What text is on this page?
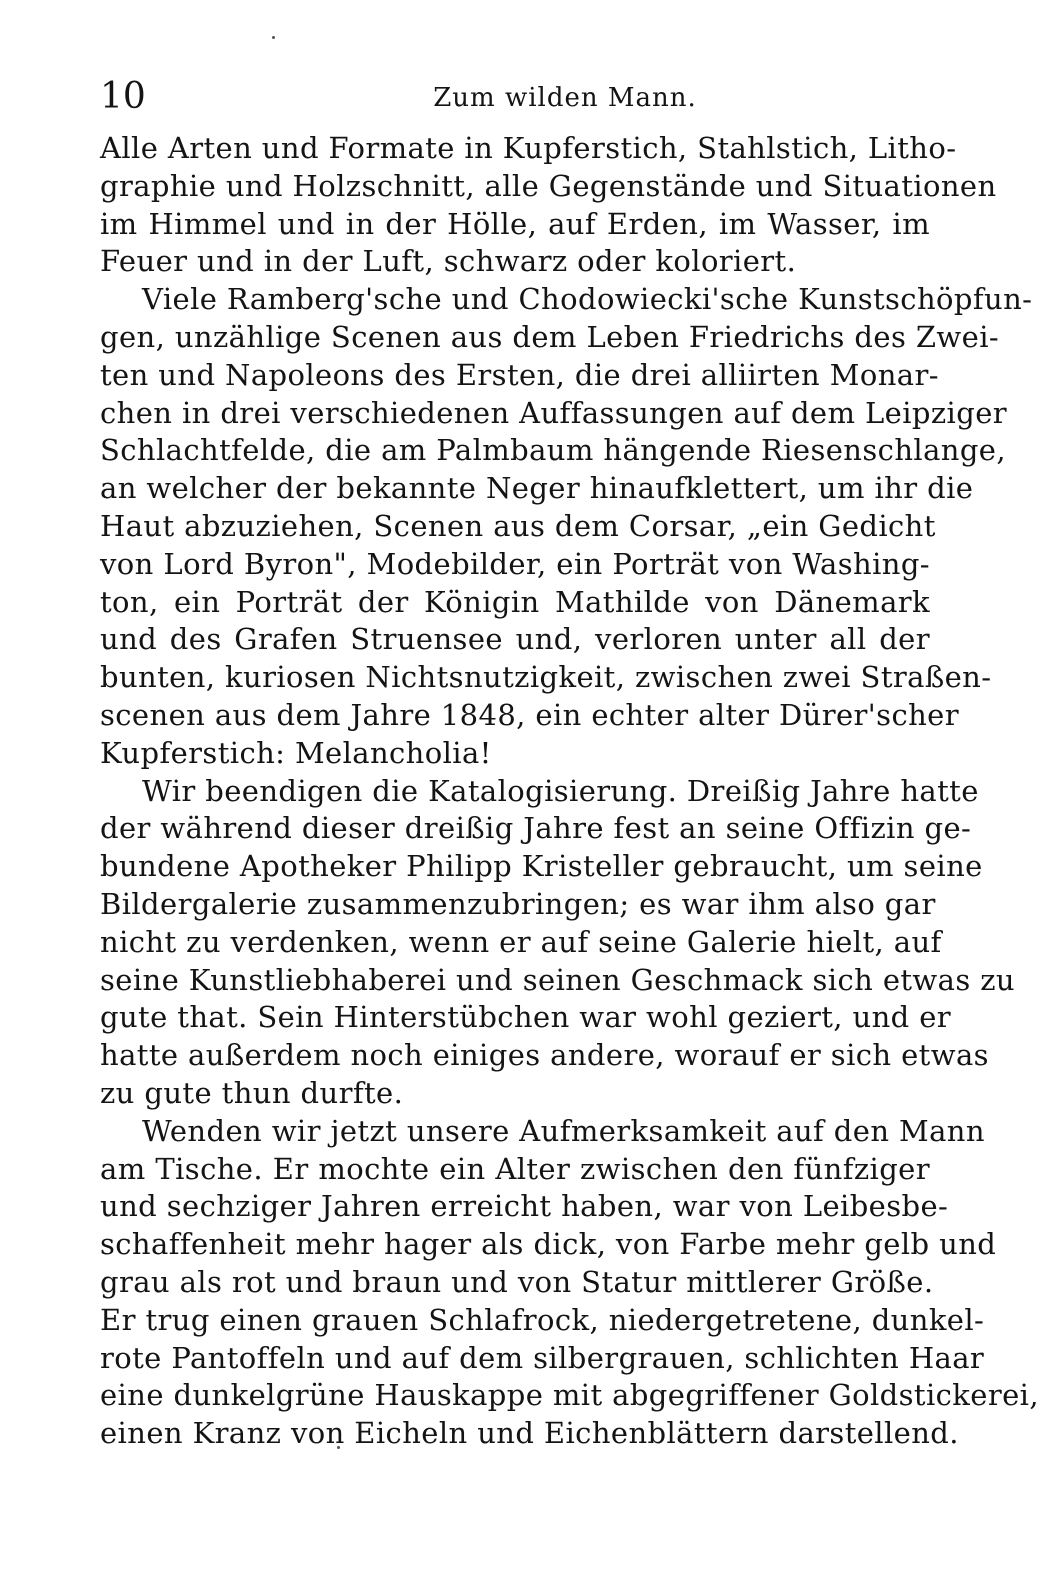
10	Zum wilden Mann.
Alle Arten und Formate in Kupferstich, Stahlstich, Litho-
graphie und Holzschnitt, alle Gegenstände und Situationen
im Himmel und in der Hölle, auf Erden, im Wasser, im
Feuer und in der Luft, schwarz oder koloriert.
Viele Ramberg'sche und Chodowiecki'sche Kunstschöpfun-
gen, unzählige Scenen aus dem Leben Friedrichs des Zwei-
ten und Napoleons des Ersten, die drei alliirten Monar-
chen in drei verschiedenen Auffassungen auf dem Leipziger
Schlachtfelde, die am Palmbaum hängende Riesenschlange,
an welcher der bekannte Neger hinaufklettert, um ihr die
Haut abzuziehen, Scenen aus dem Corsar, „ein Gedicht
von Lord Byron", Modebilder, ein Porträt von Washing-
ton, ein Porträt der Königin Mathilde von Dänemark
und des Grafen Struensee und, verloren unter all der
bunten, kuriosen Nichtsnutzigkeit, zwischen zwei Straßen-
scenen aus dem Jahre 1848, ein echter alter Dürer'scher
Kupferstich: Melancholia!
Wir beendigen die Katalogisierung. Dreißig Jahre hatte
der während dieser dreißig Jahre fest an seine Offizin ge-
bundene Apotheker Philipp Kristeller gebraucht, um seine
Bildergalerie zusammenzubringen; es war ihm also gar
nicht zu verdenken, wenn er auf seine Galerie hielt, auf
seine Kunstliebhaberei und seinen Geschmack sich etwas zu
gute that. Sein Hinterstübchen war wohl geziert, und er
hatte außerdem noch einiges andere, worauf er sich etwas
zu gute thun durfte.
Wenden wir jetzt unsere Aufmerksamkeit auf den Mann
am Tische. Er mochte ein Alter zwischen den fünfziger
und sechziger Jahren erreicht haben, war von Leibesbe-
schaffenheit mehr hager als dick, von Farbe mehr gelb und
grau als rot und braun und von Statur mittlerer Größe.
Er trug einen grauen Schlafrock, niedergetretene, dunkel-
rote Pantoffeln und auf dem silbergrauen, schlichten Haar
eine dunkelgrüne Hauskappe mit abgegriffener Goldstickerei,
einen Kranz von Eicheln und Eichenblättern darstellend.
